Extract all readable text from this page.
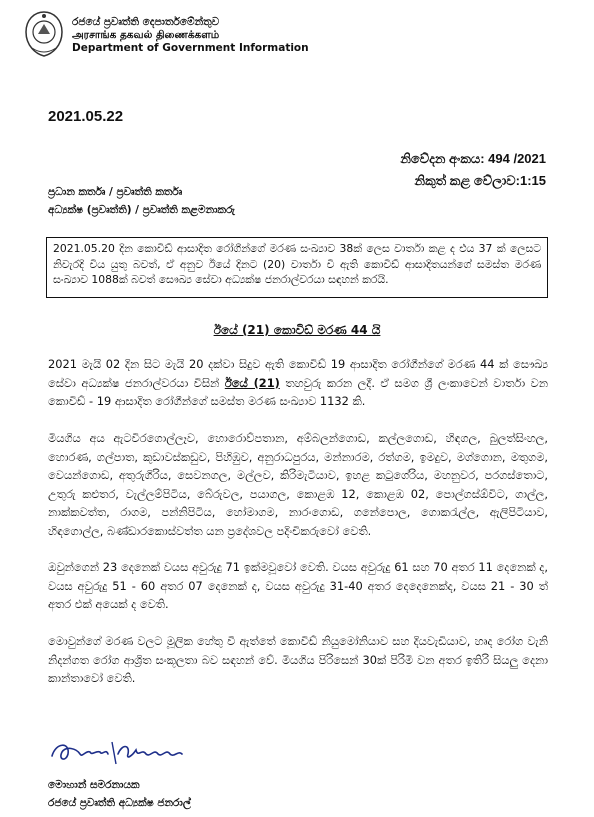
රජයේ ප්‍රවෘත්ති දෙපාර්තමේන්තුව
அரசாங்க தகவல் திணைக்களம்
Department of Government Information
2021.05.22
නිවේදන අංකය: 494 /2021
නිකුත් කළ වේලාව:1:15
ප්‍රධාන කර්තෘ / ප්‍රවෘත්ති කර්තෘ
අධ්‍යක්ෂ (ප්‍රවෘත්ති) / ප්‍රවෘත්ති කළමනාකරු
2021.05.20 දින කොවිඩ් ආසාදිත රෝගීන්ගේ මරණ සංඛ්‍යාව 38ක් ලෙස වාර්තා කළ ද එය 37 ක් ලෙසට නිවැරදි විය යුතු බවත්, ඒ අනුව ඊයේ දිනට (20) වාර්තා වී ඇති කොවිඩ් ආසාදිතයන්ගේ සමස්ත මරණ සංඛ්‍යාව 1088ක් බවත් සෞඛ්‍ය සේවා අධ්‍යක්ෂ ජනරාල්වරයා සඳහන් කරයි.
ඊයේ (21) කොවිඩ් මරණ 44 යි
2021 මැයි 02 දින සිට මැයි 20 දක්වා සිදුව ඇති කොවිඩ් 19 ආසාදිත රෝගීන්ගේ මරණ 44 ක් සෞඛ්‍ය සේවා අධ්‍යක්ෂ ජනරාල්වරයා විසින් ඊයේ (21) තහවුරු කරන ලදී. ඒ සමග ශ්‍රී ලංකාවෙන් වාර්තා වන කොවිඩ් - 19 ආසාදිත රෝගීන්ගේ සමස්ත මරණ සංඛ්‍යාව 1132 කි.
මියගිය අය ඇටවිරගොල්ලෑව, හොරොව්පතාන, අම්බලන්ගොඩ, කල්ලගොඩ, හිඳගල, බුලත්සිංහල, හොරණ, ගල්පාත, කුඩාවස්කඩුව, පිහිඹුව, අනුරාධපුරය, මන්නාරම, රත්ගම, ඉමදුව, මග්ගොන, මතුගම, වෙයන්ගොඩ, අතුරුගිරිය, සෙවනගල, මල්ලව, කිරිමැටියාව, ඉහළ කටුගේරිය, මහනුවර, පරගස්තොට, උතුරු කළුතර, වැල්ලම්පිටිය, බේරුවල, පයාගල, කොළඹ 12, කොළඹ 02, පොල්ගස්ඕවිට, ගාල්ල, නාක්කවත්ත, රාගම, පන්නිපිටිය, හෝමාගම, නාරංගොඩ, ගනේපොල, ගොකරැල්ල, ඇලිපිටියාව, හිඳගොල්ල, බණ්ඩාරකොස්වත්ත යන ප්‍රදේශවල පදිංචිකරුවෝ වෙති.
ඔවුන්ගෙන් 23 දෙනෙක් වයස අවුරුදු 71 ඉක්මවූවෝ වෙති. වයස අවුරුදු 61 සහ 70 අතර 11 දෙනෙක් ද, වයස අවුරුදු 51 - 60 අතර 07 දෙනෙක් ද, වයස අවුරුදු 31-40 අතර දෙදෙනෙක්ද, වයස 21 - 30 ත් අතර එක් අයෙක් ද වෙති.
මොවුන්ගේ මරණ වලට මූලික හේතු වී ඇත්තේ කොවිඩ් නියුමෝනියාව සහ දියවැඩියාව, හෘද රෝග වැනි නිදන්ගත රෝග ආශ්‍රිත සංකූලතා බව සඳහන් වේ. මියගිය පිරිසෙන් 30ක් පිරිමි වන අතර ඉතිරි සියලු දෙනා කාන්තාවෝ වෙති.
මොහාන් සමරනායක
රජයේ ප්‍රවෘත්ති අධ්‍යක්ෂ ජනරාල්
